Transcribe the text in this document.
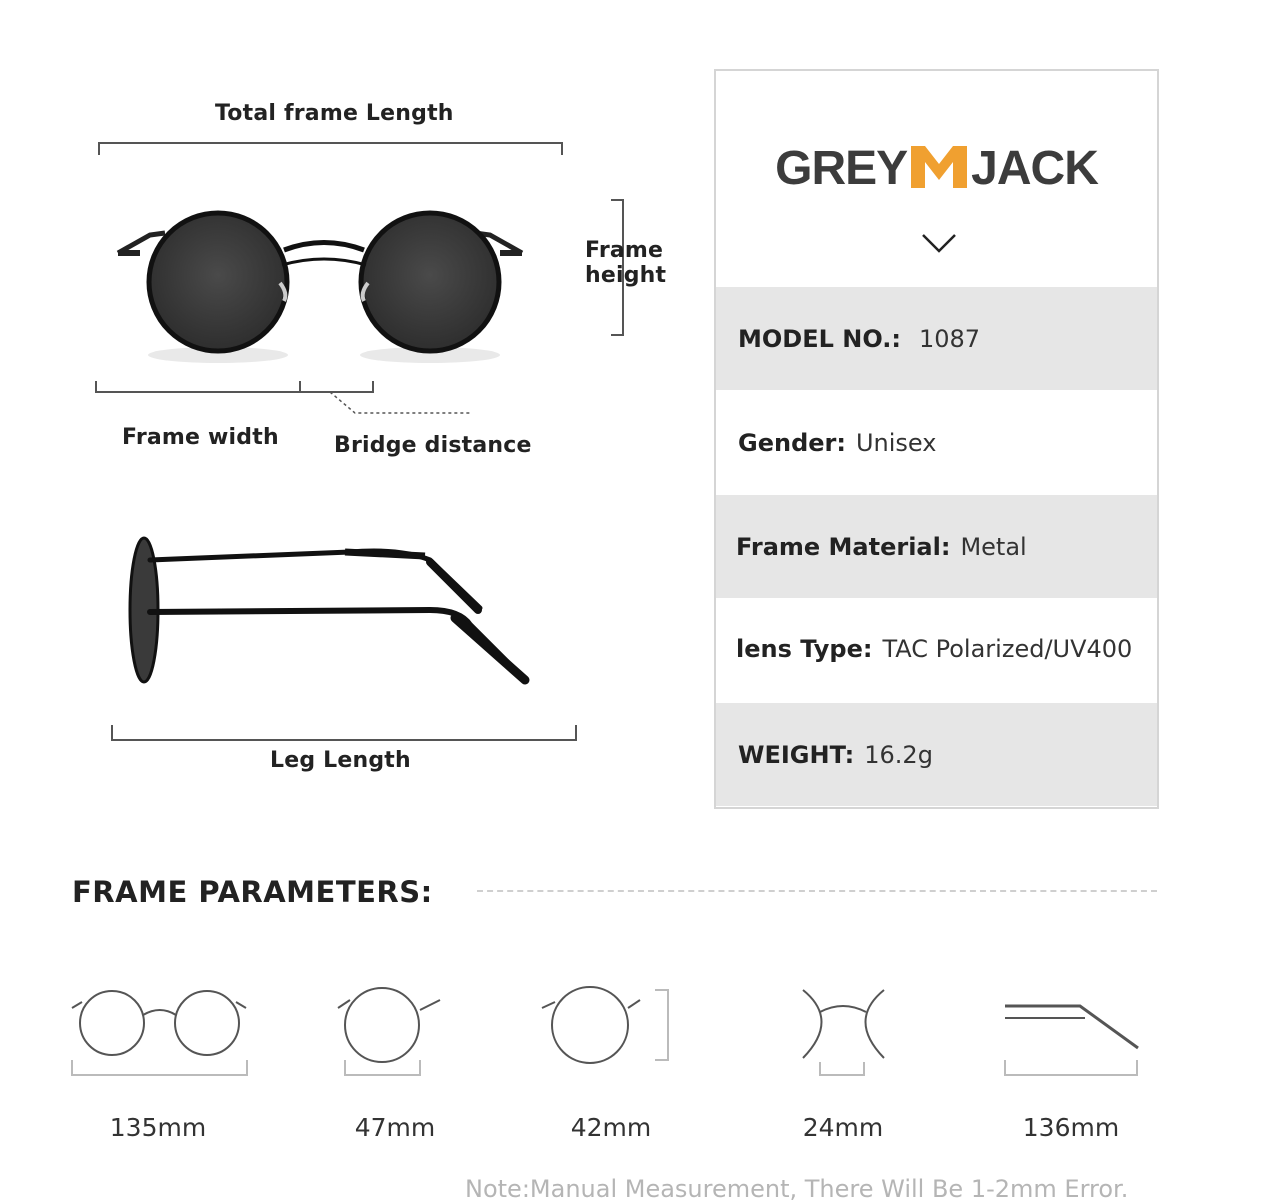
Total frame Length
Frame
height
Frame width	Bridge distance
Leg Length
GREY JACK
MODEL NO.: 1087
Gender: Unisex
Frame Material: Metal
lens Type: TAC Polarized/UV400
WEIGHT: 16.2g
FRAME PARAMETERS:
135mm	47mm	42mm	24mm	136mm
Note:Manual Measurement, There Will Be 1-2mm Error.
